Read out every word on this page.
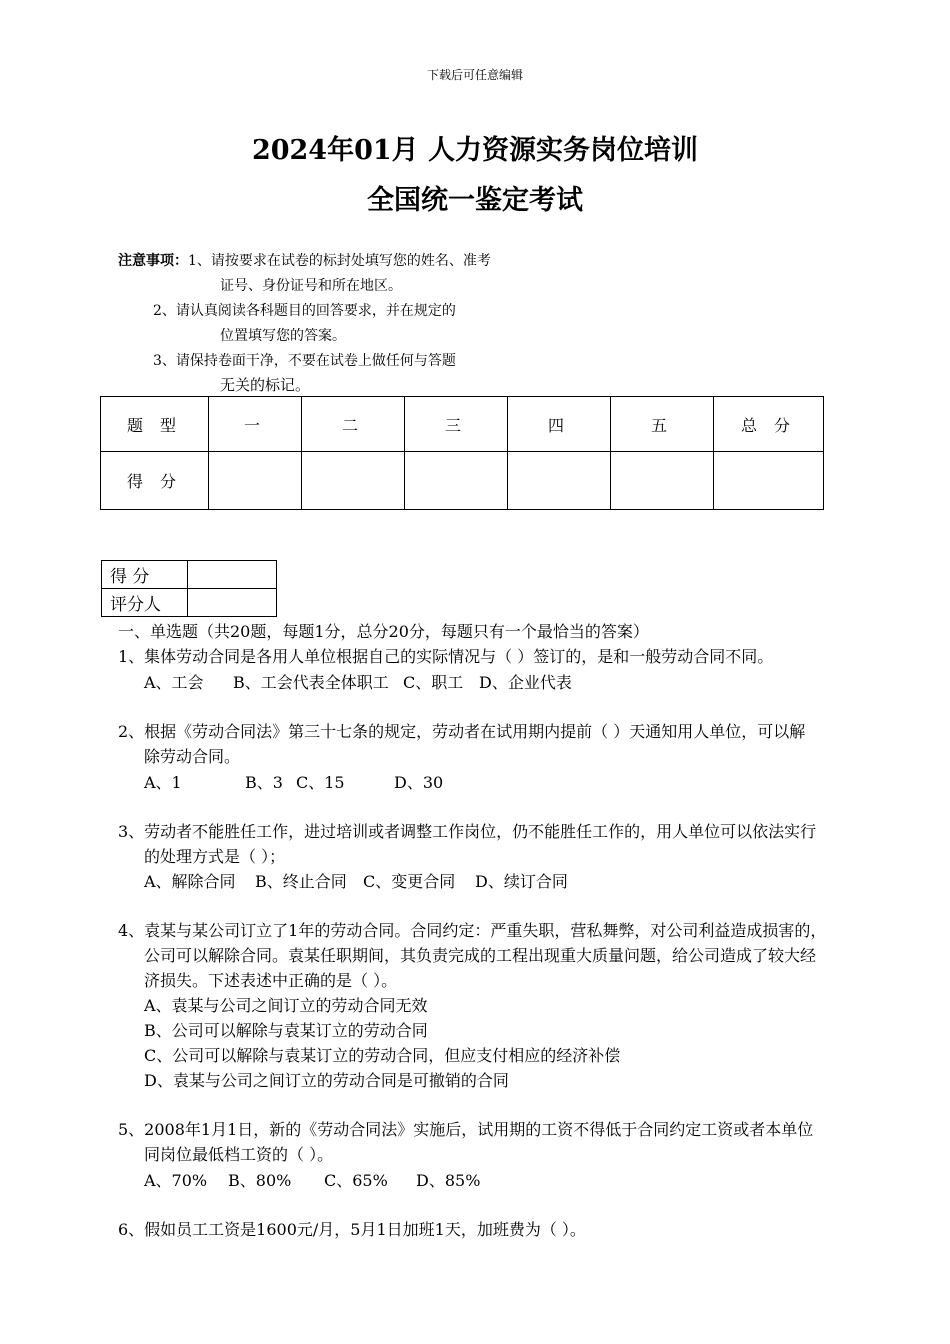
下载后可任意编辑
2024年01月 人力资源实务岗位培训
全国统一鉴定考试
注意事项：1、请按要求在试卷的标封处填写您的姓名、准考
证号、身份证号和所在地区。
2、请认真阅读各科题目的回答要求，并在规定的
位置填写您的答案。
3、请保持卷面干净，不要在试卷上做任何与答题
无关的标记。
题 型	一	二	三	四	五	总 分
得 分						
得 分	
评分人	
一、单选题（共20题，每题1分，总分20分，每题只有一个最恰当的答案）
1、集体劳动合同是各用人单位根据自己的实际情况与（ ）签订的，是和一般劳动合同不同。
A、工会 B、工会代表全体职工 C、职工 D、企业代表
2、根据《劳动合同法》第三十七条的规定，劳动者在试用期内提前（ ）天通知用人单位，可以解
除劳动合同。
A、1	B、3 C、15	D、30
3、劳动者不能胜任工作，进过培训或者调整工作岗位，仍不能胜任工作的，用人单位可以依法实行
的处理方式是（ ）；
A、解除合同 B、终止合同 C、变更合同 D、续订合同
4、袁某与某公司订立了1年的劳动合同。合同约定：严重失职，营私舞弊，对公司利益造成损害的，
公司可以解除合同。袁某任职期间，其负责完成的工程出现重大质量问题，给公司造成了较大经
济损失。下述表述中正确的是（ ）。
A、袁某与公司之间订立的劳动合同无效
B、公司可以解除与袁某订立的劳动合同
C、公司可以解除与袁某订立的劳动合同，但应支付相应的经济补偿
D、袁某与公司之间订立的劳动合同是可撤销的合同
5、2008年1月1日，新的《劳动合同法》实施后，试用期的工资不得低于合同约定工资或者本单位
同岗位最低档工资的（ ）。
A、70% B、80% C、65% D、85%
6、假如员工工资是1600元/月，5月1日加班1天，加班费为（ ）。
